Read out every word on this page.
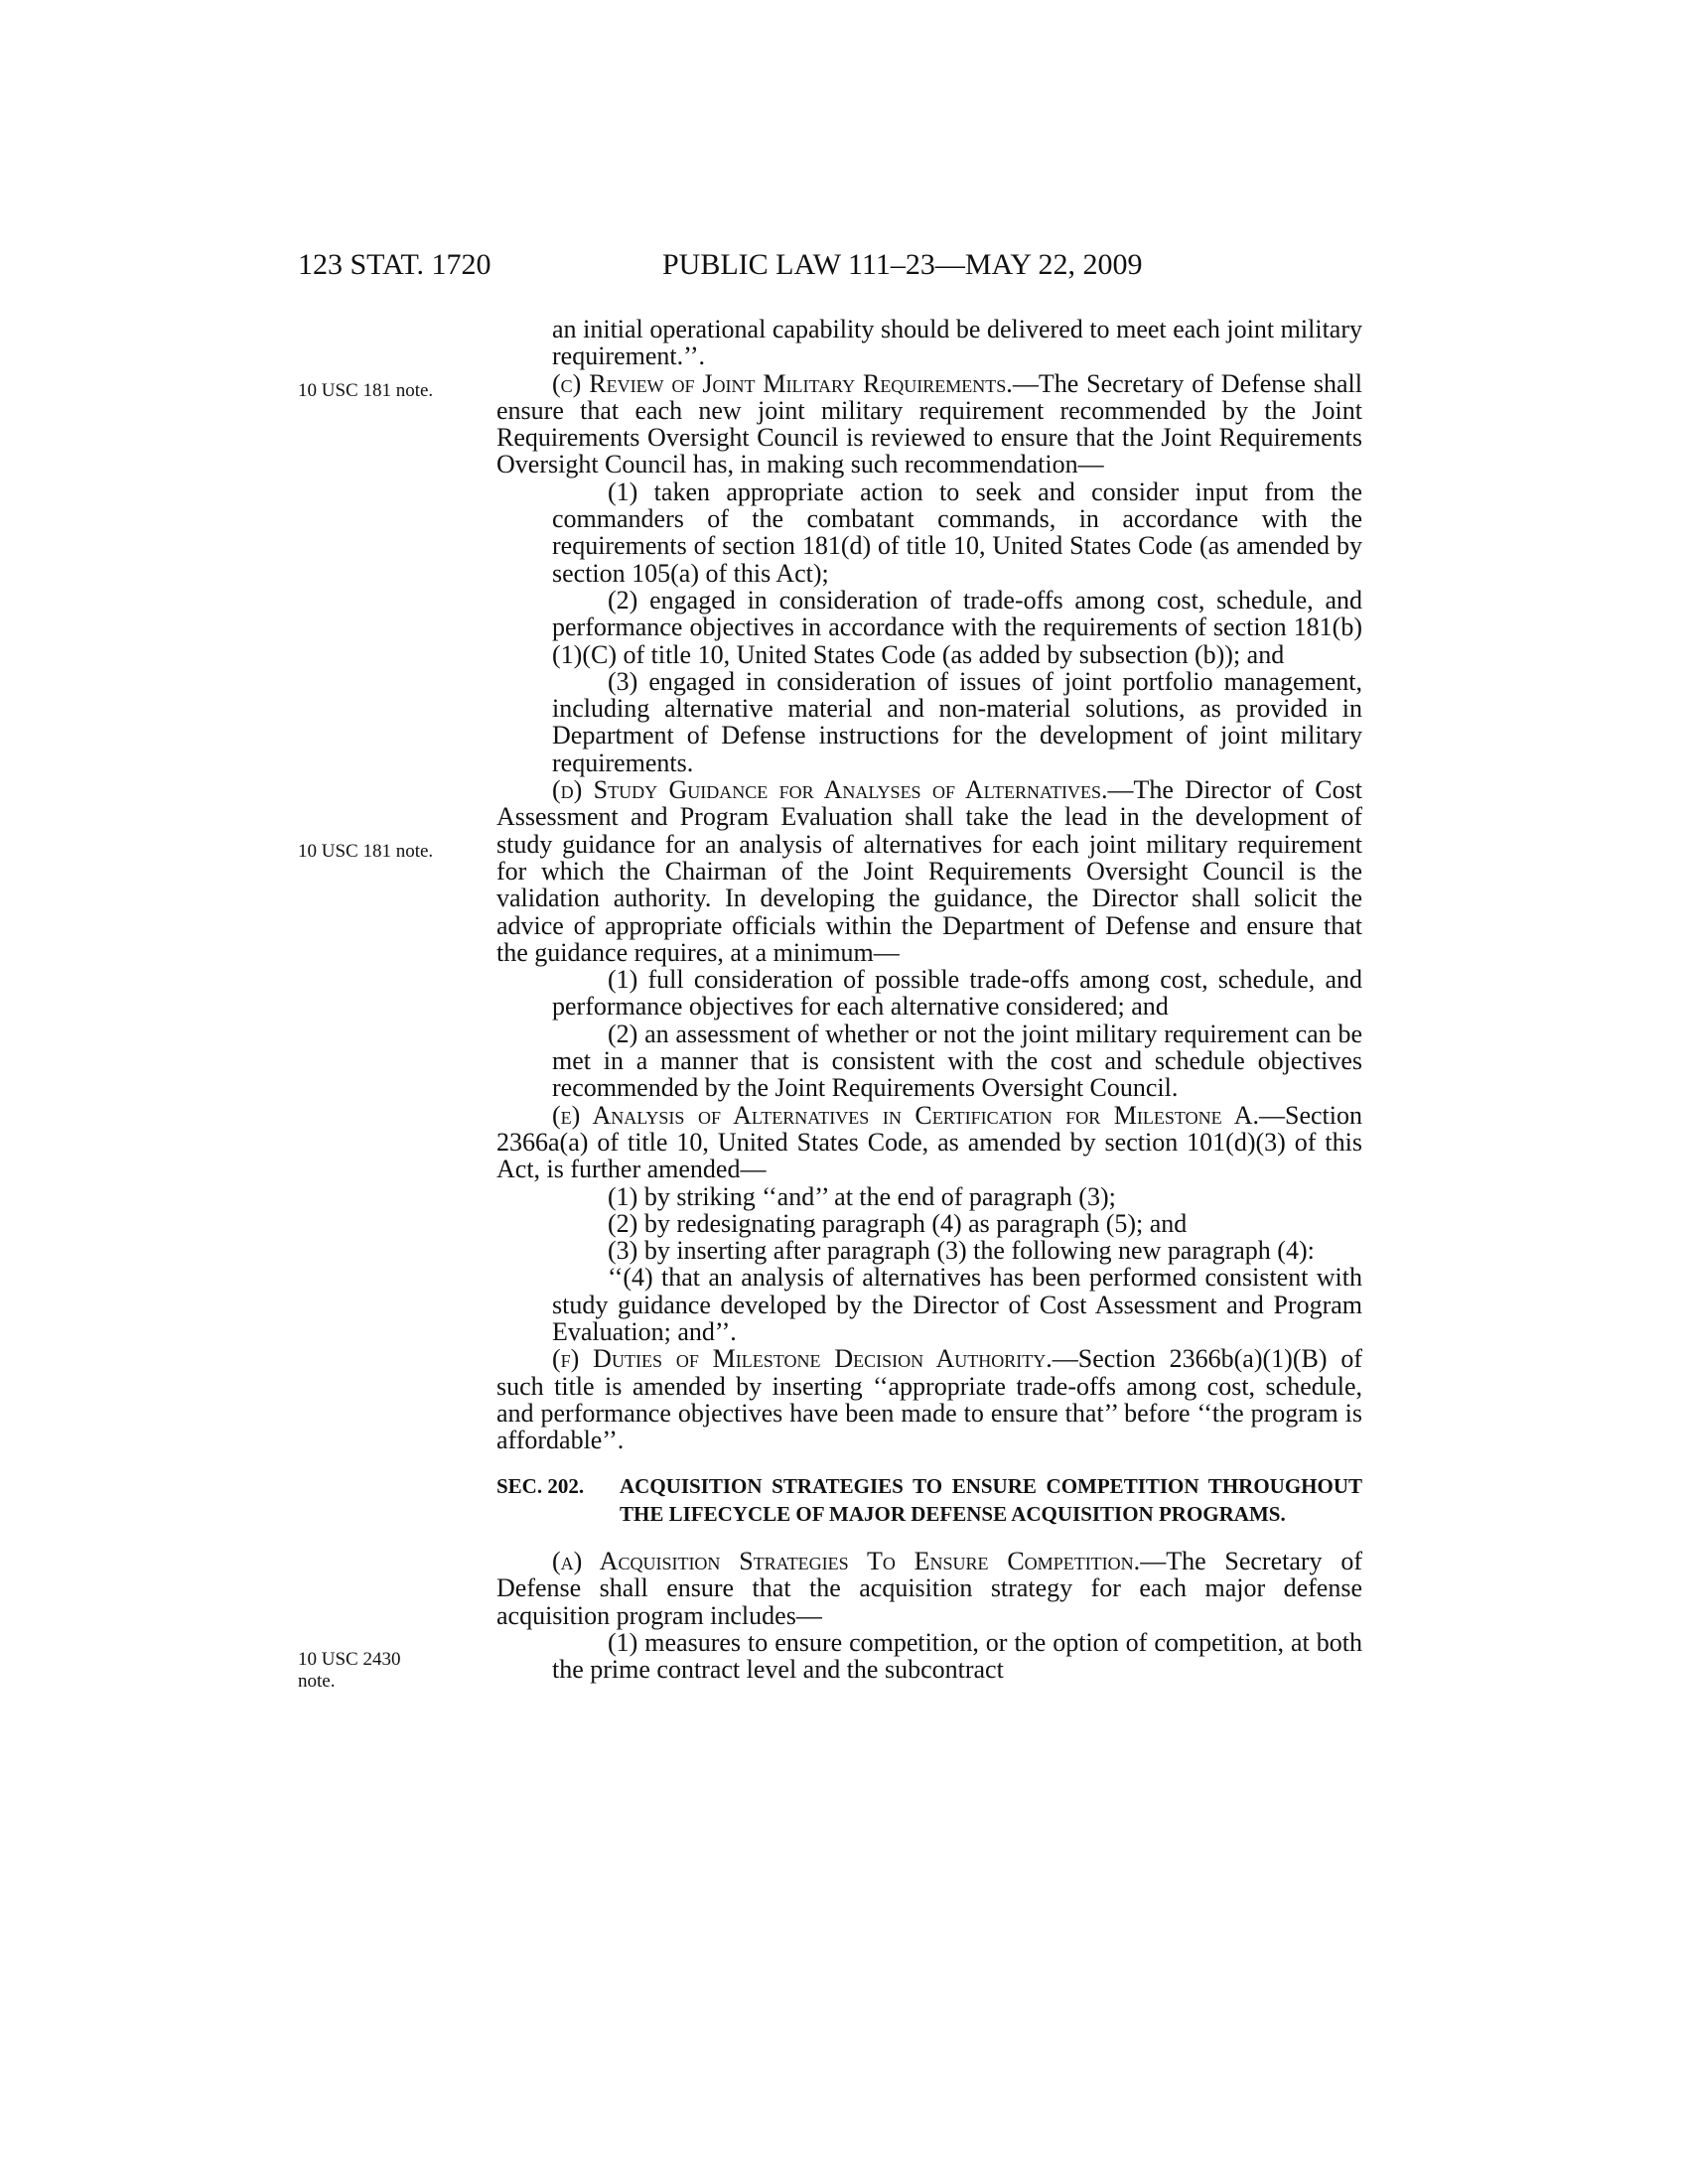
123 STAT. 1720	PUBLIC LAW 111–23—MAY 22, 2009
10 USC 181 note.
10 USC 181 note.
10 USC 2430
note.

an initial operational capability should be delivered to meet each joint military requirement.’’.

(c) Review of Joint Military Requirements.—The Secretary of Defense shall ensure that each new joint military requirement recommended by the Joint Requirements Oversight Council is reviewed to ensure that the Joint Requirements Oversight Council has, in making such recommendation—

(1) taken appropriate action to seek and consider input from the commanders of the combatant commands, in accordance with the requirements of section 181(d) of title 10, United States Code (as amended by section 105(a) of this Act);

(2) engaged in consideration of trade-offs among cost, schedule, and performance objectives in accordance with the requirements of section 181(b)(1)(C) of title 10, United States Code (as added by subsection (b)); and

(3) engaged in consideration of issues of joint portfolio management, including alternative material and non-material solutions, as provided in Department of Defense instructions for the development of joint military requirements.

(d) Study Guidance for Analyses of Alternatives.—The Director of Cost Assessment and Program Evaluation shall take the lead in the development of study guidance for an analysis of alternatives for each joint military requirement for which the Chairman of the Joint Requirements Oversight Council is the validation authority. In developing the guidance, the Director shall solicit the advice of appropriate officials within the Department of Defense and ensure that the guidance requires, at a minimum—

(1) full consideration of possible trade-offs among cost, schedule, and performance objectives for each alternative considered; and

(2) an assessment of whether or not the joint military requirement can be met in a manner that is consistent with the cost and schedule objectives recommended by the Joint Requirements Oversight Council.

(e) Analysis of Alternatives in Certification for Milestone A.—Section 2366a(a) of title 10, United States Code, as amended by section 101(d)(3) of this Act, is further amended—

(1) by striking ‘‘and’’ at the end of paragraph (3);

(2) by redesignating paragraph (4) as paragraph (5); and

(3) by inserting after paragraph (3) the following new paragraph (4):

‘‘(4) that an analysis of alternatives has been performed consistent with study guidance developed by the Director of Cost Assessment and Program Evaluation; and’’.

(f) Duties of Milestone Decision Authority.—Section 2366b(a)(1)(B) of such title is amended by inserting ‘‘appropriate trade-offs among cost, schedule, and performance objectives have been made to ensure that’’ before ‘‘the program is affordable’’.

SEC. 202.	ACQUISITION STRATEGIES TO ENSURE COMPETITION THROUGHOUT THE LIFECYCLE OF MAJOR DEFENSE ACQUISITION PROGRAMS.

(a) Acquisition Strategies To Ensure Competition.—The Secretary of Defense shall ensure that the acquisition strategy for each major defense acquisition program includes—

(1) measures to ensure competition, or the option of competition, at both the prime contract level and the subcontract
